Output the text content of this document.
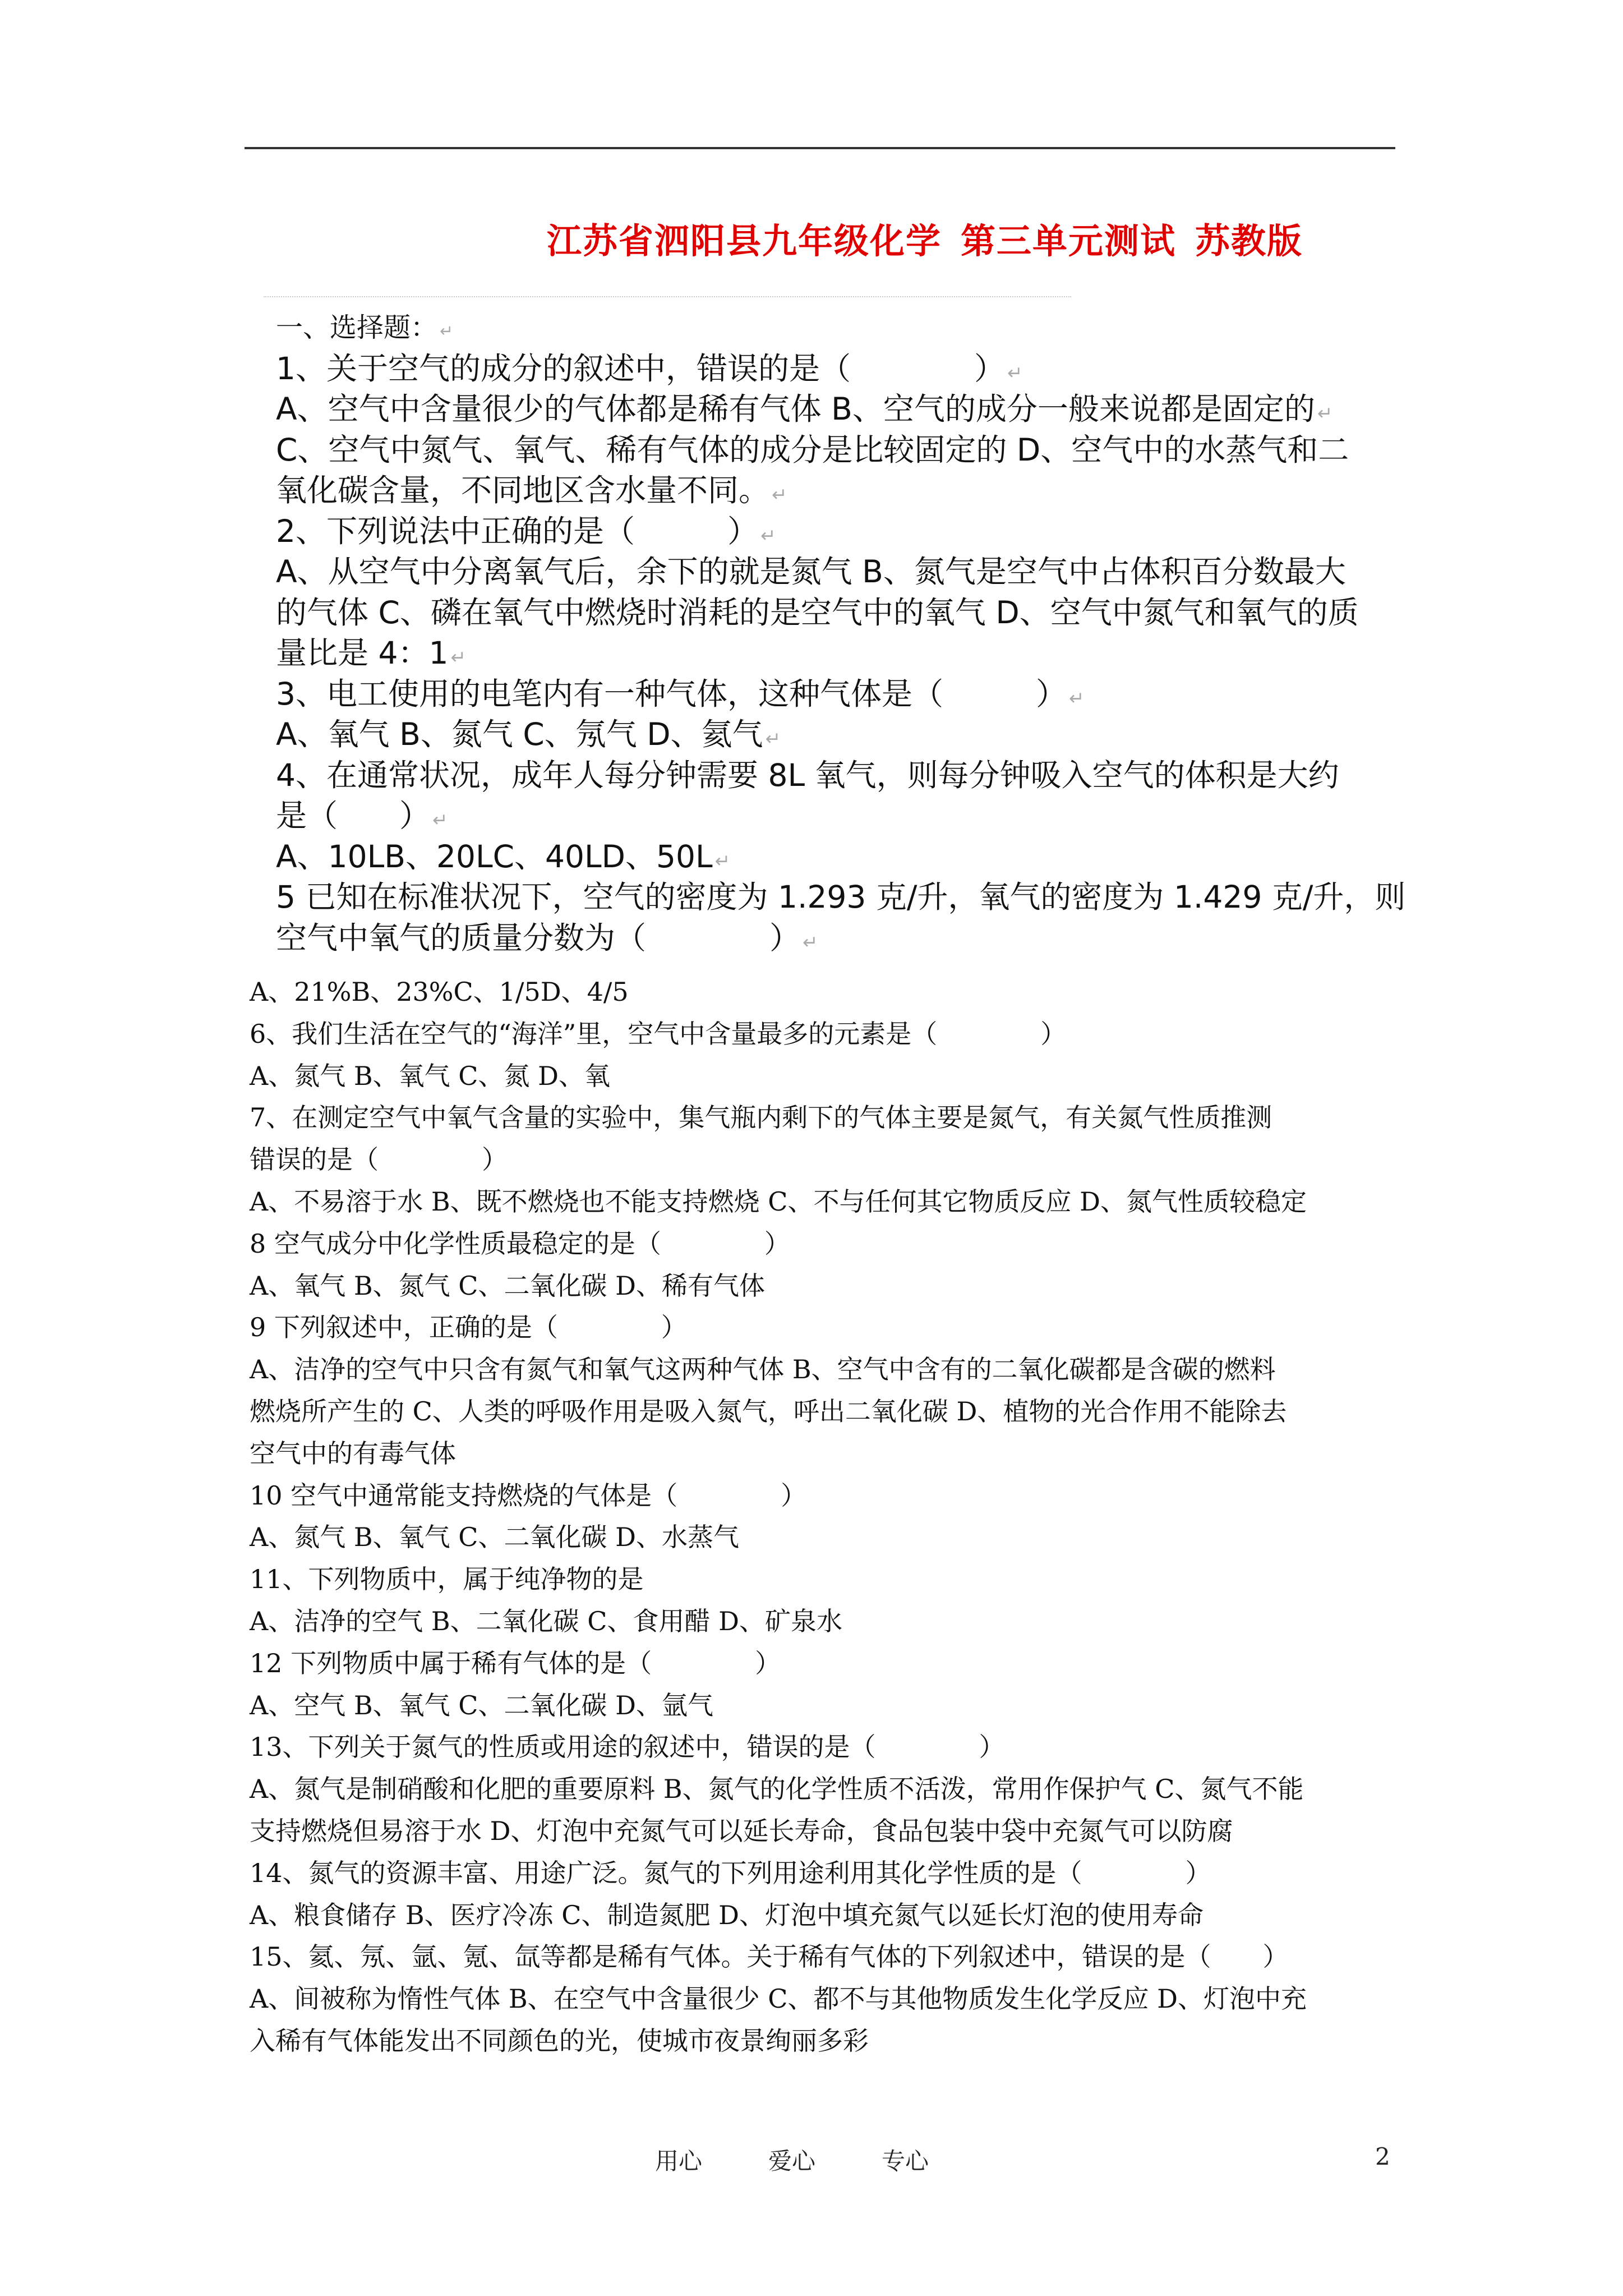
江苏省泗阳县九年级化学 第三单元测试 苏教版
一、选择题： ↵
1、关于空气的成分的叙述中，错误的是（　　　　） ↵
A、空气中含量很少的气体都是稀有气体 B、空气的成分一般来说都是固定的 ↵
C、空气中氮气、氧气、稀有气体的成分是比较固定的 D、空气中的水蒸气和二
氧化碳含量，不同地区含水量不同。 ↵
2、下列说法中正确的是（　　　） ↵
A、从空气中分离氧气后，余下的就是氮气 B、氮气是空气中占体积百分数最大
的气体 C、磷在氧气中燃烧时消耗的是空气中的氧气 D、空气中氮气和氧气的质
量比是 4：1 ↵
3、电工使用的电笔内有一种气体，这种气体是（　　　） ↵
A、氧气 B、氮气 C、氖气 D、氦气 ↵
4、在通常状况，成年人每分钟需要 8L 氧气，则每分钟吸入空气的体积是大约
是（　　） ↵
A、10LB、20LC、40LD、50L ↵
5 已知在标准状况下，空气的密度为 1.293 克/升，氧气的密度为 1.429 克/升，则
空气中氧气的质量分数为（　　　　） ↵
A、21%B、23%C、1/5D、4/5
6、我们生活在空气的“海洋”里，空气中含量最多的元素是（　　　　）
A、氮气 B、氧气 C、氮 D、氧
7、在测定空气中氧气含量的实验中，集气瓶内剩下的气体主要是氮气，有关氮气性质推测
错误的是（　　　　）
A、不易溶于水 B、既不燃烧也不能支持燃烧 C、不与任何其它物质反应 D、氮气性质较稳定
8 空气成分中化学性质最稳定的是（　　　　）
A、氧气 B、氮气 C、二氧化碳 D、稀有气体
9 下列叙述中，正确的是（　　　　）
A、洁净的空气中只含有氮气和氧气这两种气体 B、空气中含有的二氧化碳都是含碳的燃料
燃烧所产生的 C、人类的呼吸作用是吸入氮气，呼出二氧化碳 D、植物的光合作用不能除去
空气中的有毒气体
10 空气中通常能支持燃烧的气体是（　　　　）
A、氮气 B、氧气 C、二氧化碳 D、水蒸气
11、下列物质中，属于纯净物的是
A、洁净的空气 B、二氧化碳 C、食用醋 D、矿泉水
12 下列物质中属于稀有气体的是（　　　　）
A、空气 B、氧气 C、二氧化碳 D、氩气
13、下列关于氮气的性质或用途的叙述中，错误的是（　　　　）
A、氮气是制硝酸和化肥的重要原料 B、氮气的化学性质不活泼，常用作保护气 C、氮气不能
支持燃烧但易溶于水 D、灯泡中充氮气可以延长寿命，食品包装中袋中充氮气可以防腐
14、氮气的资源丰富、用途广泛。氮气的下列用途利用其化学性质的是（　　　　）
A、粮食储存 B、医疗冷冻 C、制造氮肥 D、灯泡中填充氮气以延长灯泡的使用寿命
15、氦、氖、氩、氪、氙等都是稀有气体。关于稀有气体的下列叙述中，错误的是（　　）
A、间被称为惰性气体 B、在空气中含量很少 C、都不与其他物质发生化学反应 D、灯泡中充
入稀有气体能发出不同颜色的光，使城市夜景绚丽多彩
用心	爱心	专心	2
